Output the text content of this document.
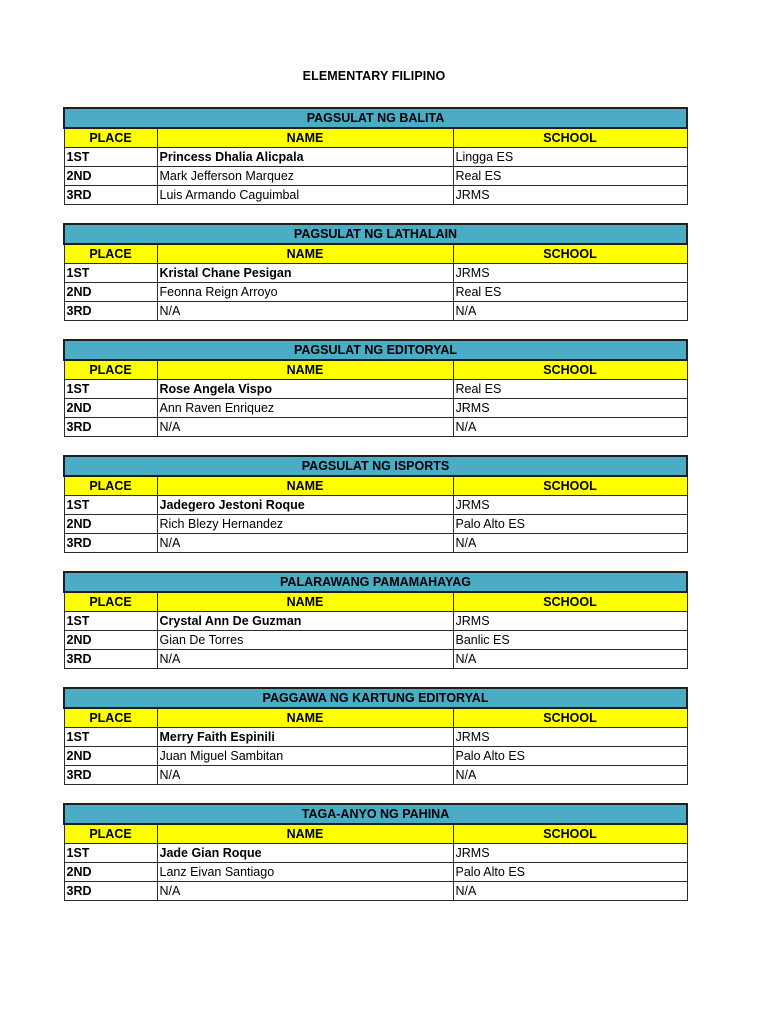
ELEMENTARY FILIPINO
PAGSULAT NG BALITA		
PLACE	NAME	SCHOOL
1ST	Princess Dhalia Alicpala	Lingga ES
2ND	Mark Jefferson Marquez	Real ES
3RD	Luis Armando Caguimbal	JRMS
PAGSULAT NG LATHALAIN		
PLACE	NAME	SCHOOL
1ST	Kristal Chane Pesigan	JRMS
2ND	Feonna Reign Arroyo	Real ES
3RD	N/A	N/A
PAGSULAT NG EDITORYAL		
PLACE	NAME	SCHOOL
1ST	Rose Angela Vispo	Real ES
2ND	Ann Raven Enriquez	JRMS
3RD	N/A	N/A
PAGSULAT NG ISPORTS		
PLACE	NAME	SCHOOL
1ST	Jadegero Jestoni Roque	JRMS
2ND	Rich Blezy Hernandez	Palo Alto ES
3RD	N/A	N/A
PALARAWANG PAMAMAHAYAG		
PLACE	NAME	SCHOOL
1ST	Crystal Ann De Guzman	JRMS
2ND	Gian De Torres	Banlic ES
3RD	N/A	N/A
PAGGAWA NG KARTUNG EDITORYAL		
PLACE	NAME	SCHOOL
1ST	Merry Faith Espinili	JRMS
2ND	Juan Miguel Sambitan	Palo Alto ES
3RD	N/A	N/A
TAGA-ANYO NG PAHINA		
PLACE	NAME	SCHOOL
1ST	Jade Gian Roque	JRMS
2ND	Lanz Eivan Santiago	Palo Alto ES
3RD	N/A	N/A
